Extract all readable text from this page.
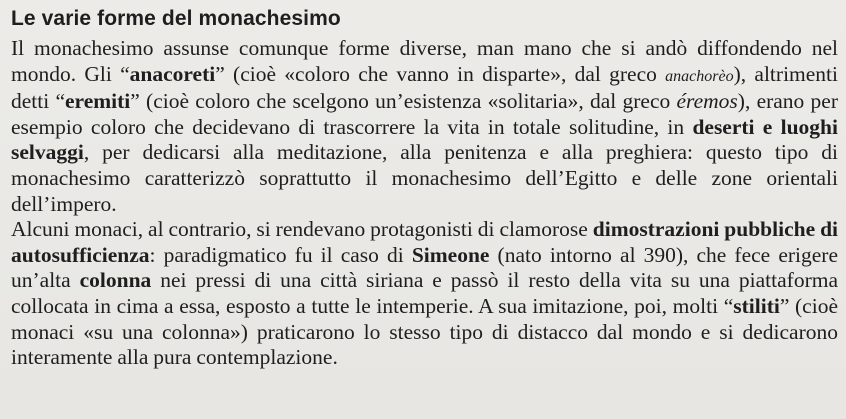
Le varie forme del monachesimo

Il monachesimo assunse comunque forme diverse, man mano che si andò diffondendo nel mondo. Gli “anacoreti” (cioè «coloro che vanno in disparte», dal greco anachorèo), altrimenti detti “eremiti” (cioè coloro che scelgono un’esistenza «solitaria», dal greco éremos), erano per esempio coloro che decidevano di trascorrere la vita in totale solitudine, in deserti e luoghi selvaggi, per dedicarsi alla meditazione, alla penitenza e alla preghiera: questo tipo di monachesimo caratterizzò soprattutto il monachesimo dell’Egitto e delle zone orientali dell’impero.

Alcuni monaci, al contrario, si rendevano protagonisti di clamorose dimostrazioni pubbliche di autosufficienza: paradigmatico fu il caso di Simeone (nato intorno al 390), che fece erigere un’alta colonna nei pressi di una città siriana e passò il resto della vita su una piattaforma collocata in cima a essa, esposto a tutte le intemperie. A sua imitazione, poi, molti “stiliti” (cioè monaci «su una colonna») praticarono lo stesso tipo di distacco dal mondo e si dedicarono interamente alla pura contemplazione.
